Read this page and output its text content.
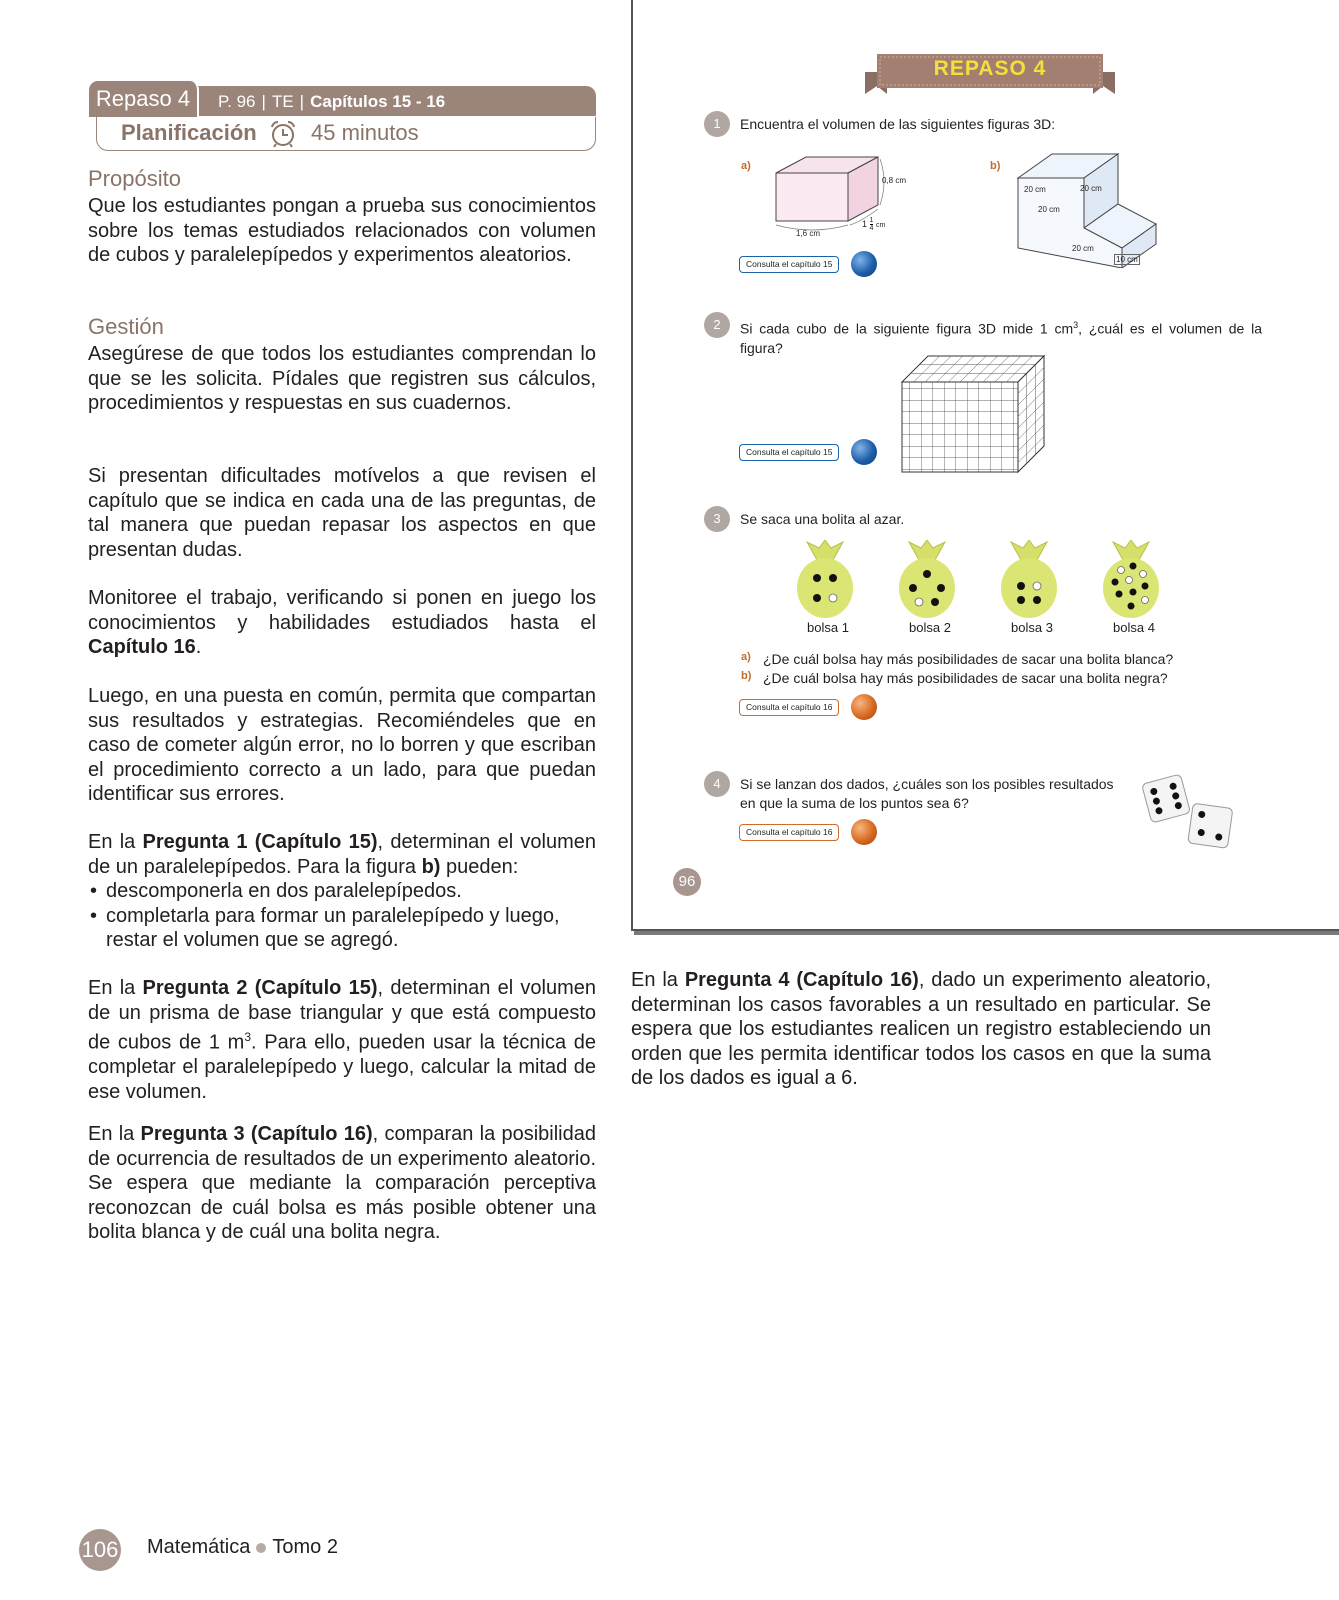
Repaso 4	P. 96 | TE | Capítulos 15 - 16
Planificación 45 minutos
Propósito

Que los estudiantes pongan a prueba sus conocimientos sobre los temas estudiados relacionados con volumen de cubos y paralelepípedos y experimentos aleatorios.

Gestión

Asegúrese de que todos los estudiantes comprendan lo que se les solicita. Pídales que registren sus cálculos, procedimientos y respuestas en sus cuadernos.

Si presentan dificultades motívelos a que revisen el capítulo que se indica en cada una de las preguntas, de tal manera que puedan repasar los aspectos en que presentan dudas.

Monitoree el trabajo, verificando si ponen en juego los conocimientos y habilidades estudiados hasta el Capítulo 16.

Luego, en una puesta en común, permita que compartan sus resultados y estrategias. Recomiéndeles que en caso de cometer algún error, no lo borren y que escriban el procedimiento correcto a un lado, para que puedan identificar sus errores.

En la Pregunta 1 (Capítulo 15), determinan el volumen de un paralelepípedos. Para la figura b) pueden:

• descomponerla en dos paralelepípedos.
• completarla para formar un paralelepípedo y luego, restar el volumen que se agregó.

En la Pregunta 2 (Capítulo 15), determinan el volumen de un prisma de base triangular y que está compuesto de cubos de 1 $m^3$. Para ello, pueden usar la técnica de completar el paralelepípedo y luego, calcular la mitad de ese volumen.

En la Pregunta 3 (Capítulo 16), comparan la posibilidad de ocurrencia de resultados de un experimento aleatorio. Se espera que mediante la comparación perceptiva reconozcan de cuál bolsa es más posible obtener una bolita blanca y de cuál una bolita negra.

En la Pregunta 4 (Capítulo 16), dado un experimento aleatorio, determinan los casos favorables a un resultado en particular. Se espera que los estudiantes realicen un registro estableciendo un orden que les permita identificar todos los casos en que la suma de los dados es igual a 6.

REPASO 4
1	Encuentra el volumen de las siguientes figuras 3D:
a)	b)
0,8 cm
1,6 cm
$1 \frac{1}{4}$ cm
20 cm	20 cm
20 cm
20 cm
10 cm
Consulta el capítulo 15
2	Si cada cubo de la siguiente figura 3D mide 1 $cm^3$, ¿cuál es el volumen de la figura?
Consulta el capítulo 15
3	Se saca una bolita al azar.
bolsa 1	bolsa 2	bolsa 3	bolsa 4
a) ¿De cuál bolsa hay más posibilidades de sacar una bolita blanca?
b) ¿De cuál bolsa hay más posibilidades de sacar una bolita negra?
Consulta el capítulo 16
4	Si se lanzan dos dados, ¿cuáles son los posibles resultados
en que la suma de los puntos sea 6?
Consulta el capítulo 16
96
106 Matemática Tomo 2
